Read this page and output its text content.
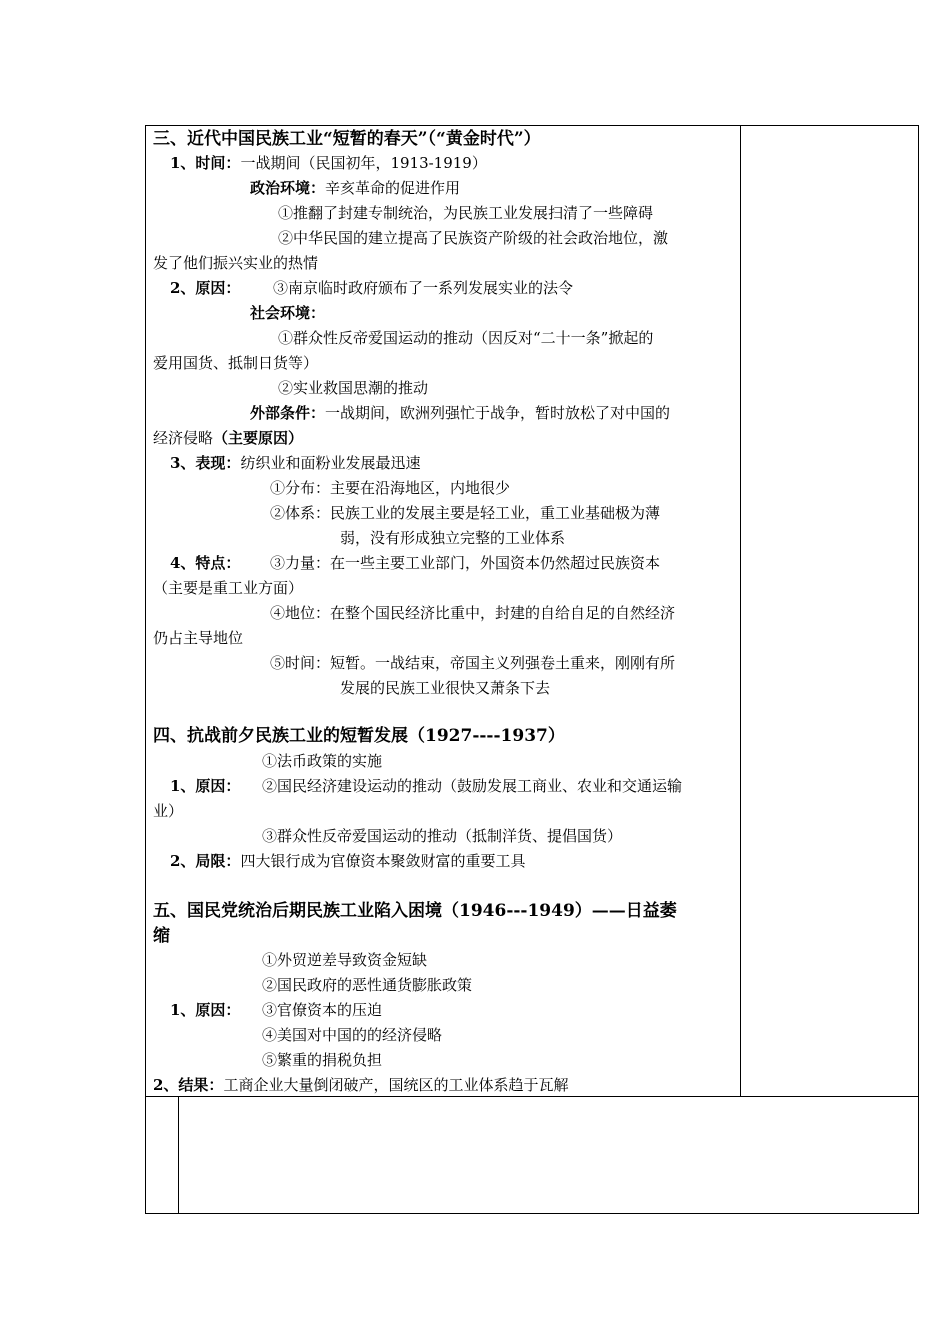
三、近代中国民族工业“短暂的春天”（“黄金时代”）
1、时间：一战期间（民国初年，1913-1919）
政治环境：辛亥革命的促进作用
①推翻了封建专制统治，为民族工业发展扫清了一些障碍
②中华民国的建立提高了民族资产阶级的社会政治地位，激
发了他们振兴实业的热情
2、原因： ③南京临时政府颁布了一系列发展实业的法令
社会环境：
①群众性反帝爱国运动的推动（因反对“二十一条”掀起的
爱用国货、抵制日货等）
②实业救国思潮的推动
外部条件：一战期间，欧洲列强忙于战争，暂时放松了对中国的
经济侵略（主要原因）
3、表现：纺织业和面粉业发展最迅速
①分布：主要在沿海地区，内地很少
②体系：民族工业的发展主要是轻工业，重工业基础极为薄
弱，没有形成独立完整的工业体系
4、特点： ③力量：在一些主要工业部门，外国资本仍然超过民族资本
（主要是重工业方面）
④地位：在整个国民经济比重中，封建的自给自足的自然经济
仍占主导地位
⑤时间：短暂。一战结束，帝国主义列强卷土重来，刚刚有所
发展的民族工业很快又萧条下去
四、抗战前夕民族工业的短暂发展（1927----1937）
①法币政策的实施
1、原因： ②国民经济建设运动的推动（鼓励发展工商业、农业和交通运输
业）
③群众性反帝爱国运动的推动（抵制洋货、提倡国货）
2、局限：四大银行成为官僚资本聚敛财富的重要工具
五、国民党统治后期民族工业陷入困境（1946---1949）——日益萎
缩
①外贸逆差导致资金短缺
②国民政府的恶性通货膨胀政策
1、原因： ③官僚资本的压迫
④美国对中国的的经济侵略
⑤繁重的捐税负担
2、结果：工商企业大量倒闭破产，国统区的工业体系趋于瓦解
